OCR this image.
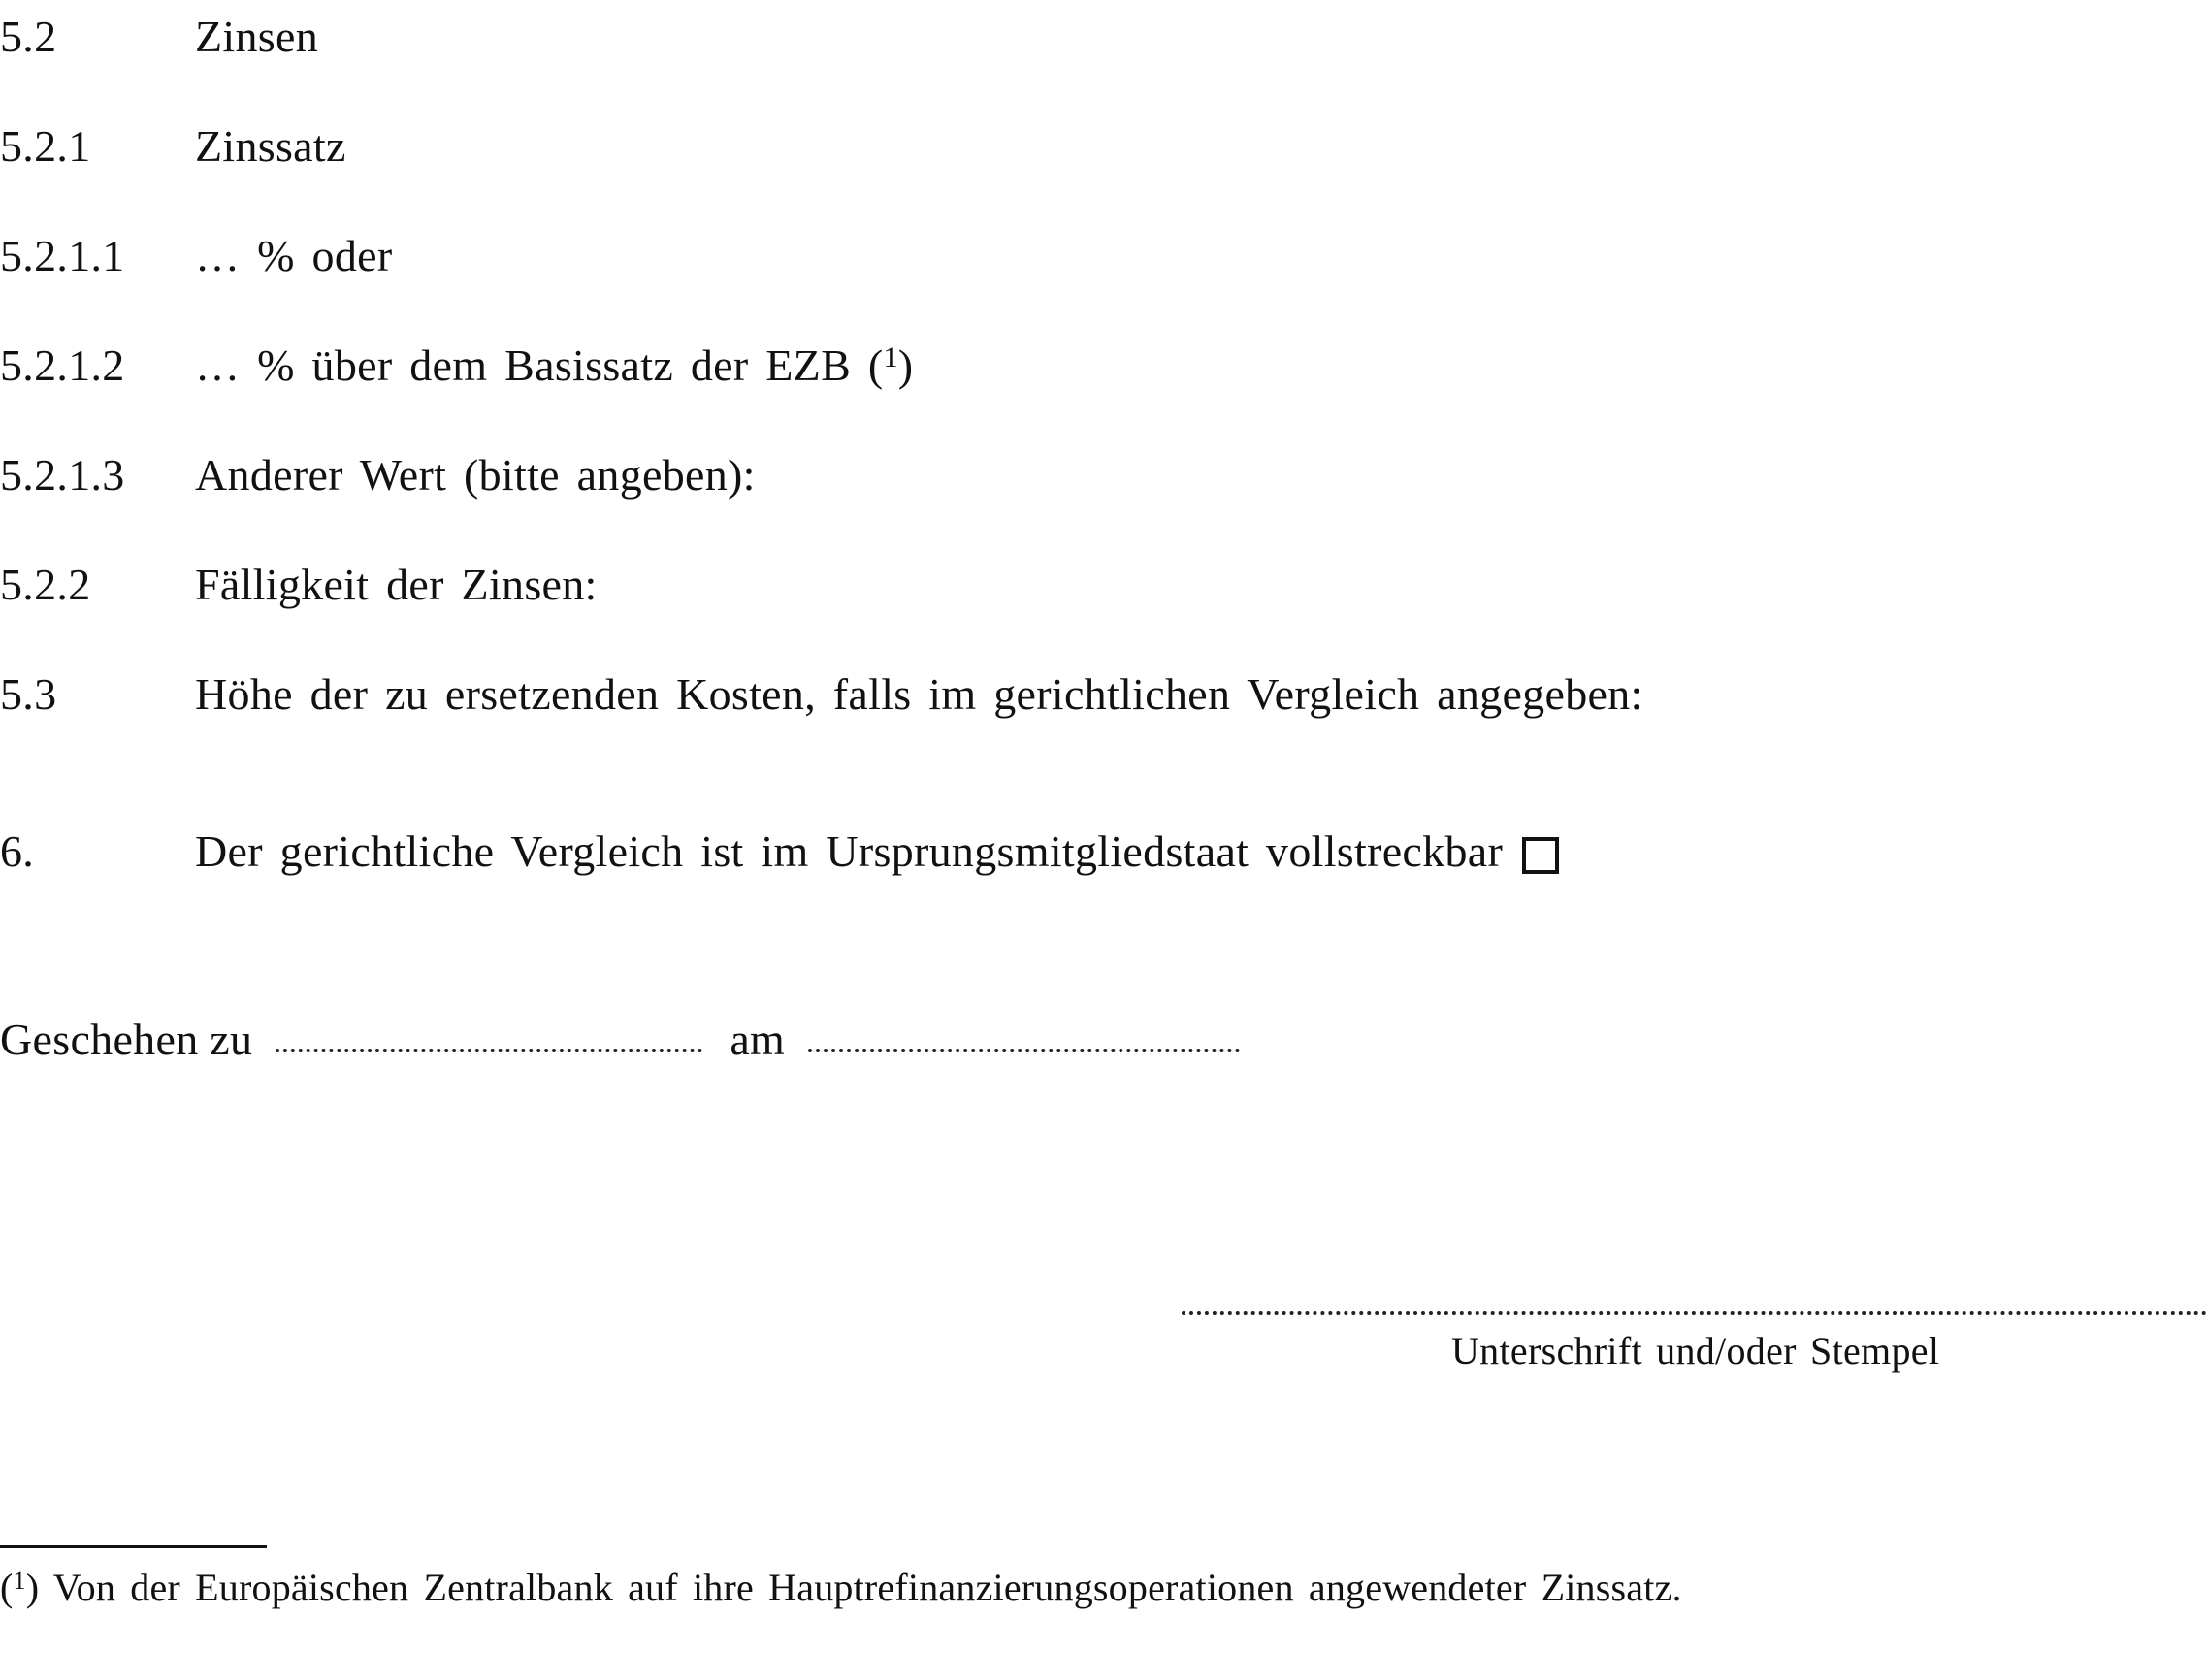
5.2	Zinsen
5.2.1 Zinssatz
5.2.1.1 … % oder
5.2.1.2 … % über dem Basissatz der EZB ($^1$)
5.2.1.3 Anderer Wert (bitte angeben):
5.2.2 Fälligkeit der Zinsen:
5.3	Höhe der zu ersetzenden Kosten, falls im gerichtlichen Vergleich angegeben:
6.	Der gerichtliche Vergleich ist im Ursprungsmitgliedstaat vollstreckbar
Geschehen zu	am
Unterschrift und/oder Stempel
($^1$) Von der Europäischen Zentralbank auf ihre Hauptrefinanzierungsoperationen angewendeter Zinssatz.
